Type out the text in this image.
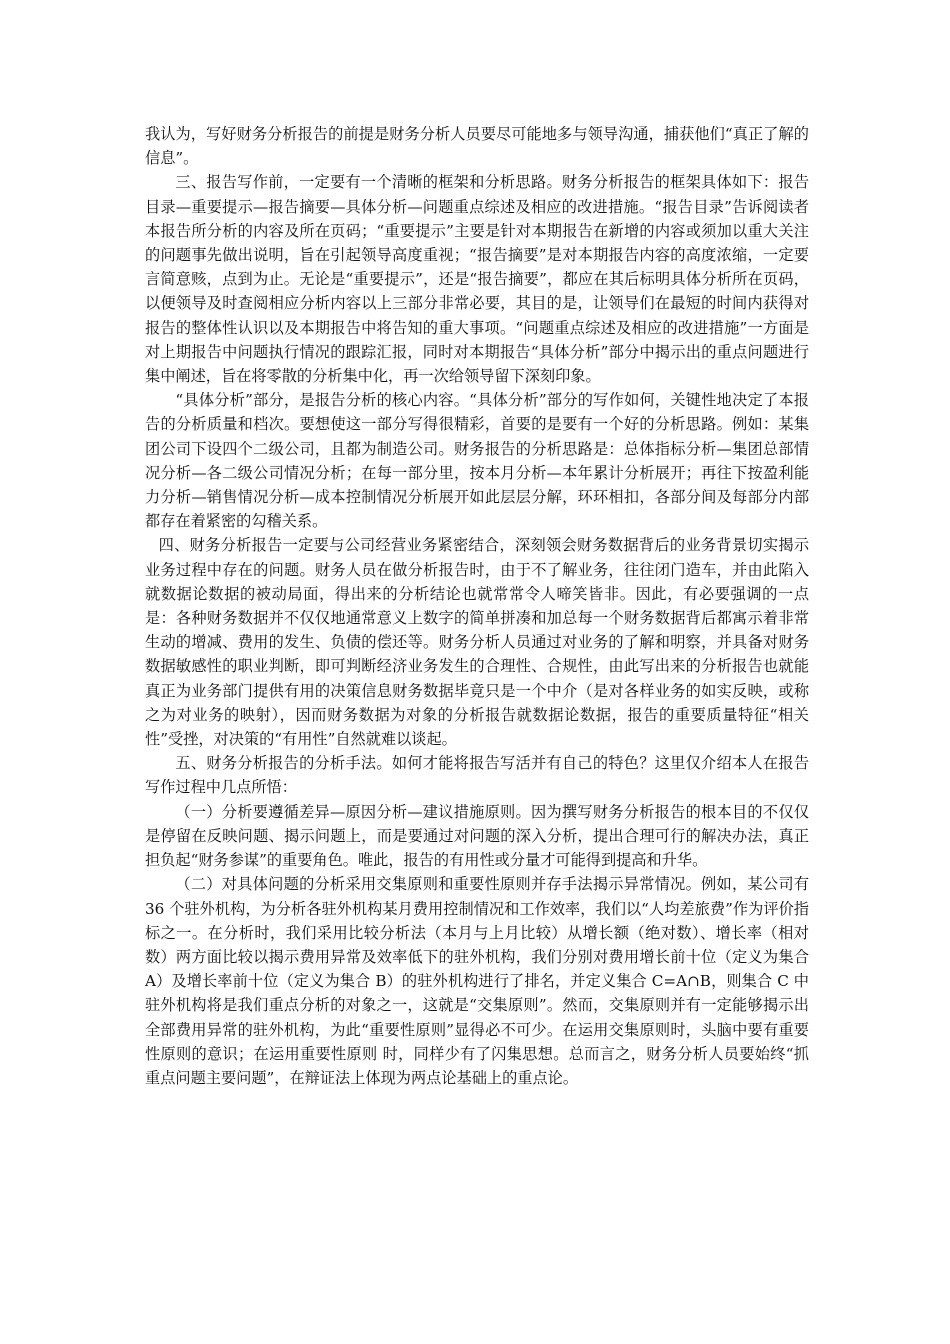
我认为，写好财务分析报告的前提是财务分析人员要尽可能地多与领导沟通，捕获他们“真正了解的信息”。

三、报告写作前，一定要有一个清晰的框架和分析思路。财务分析报告的框架具体如下：报告目录—重要提示—报告摘要—具体分析—问题重点综述及相应的改进措施。“报告目录”告诉阅读者本报告所分析的内容及所在页码；“重要提示”主要是针对本期报告在新增的内容或须加以重大关注的问题事先做出说明，旨在引起领导高度重视；“报告摘要”是对本期报告内容的高度浓缩，一定要言简意赅，点到为止。无论是“重要提示”，还是“报告摘要”，都应在其后标明具体分析所在页码，以便领导及时查阅相应分析内容以上三部分非常必要，其目的是，让领导们在最短的时间内获得对报告的整体性认识以及本期报告中将告知的重大事项。“问题重点综述及相应的改进措施”一方面是对上期报告中问题执行情况的跟踪汇报，同时对本期报告“具体分析”部分中揭示出的重点问题进行集中阐述，旨在将零散的分析集中化，再一次给领导留下深刻印象。

“具体分析”部分，是报告分析的核心内容。“具体分析”部分的写作如何，关键性地决定了本报告的分析质量和档次。要想使这一部分写得很精彩，首要的是要有一个好的分析思路。例如：某集团公司下设四个二级公司，且都为制造公司。财务报告的分析思路是：总体指标分析—集团总部情况分析—各二级公司情况分析；在每一部分里，按本月分析—本年累计分析展开；再往下按盈利能力分析—销售情况分析—成本控制情况分析展开如此层层分解，环环相扣，各部分间及每部分内部都存在着紧密的勾稽关系。

四、财务分析报告一定要与公司经营业务紧密结合，深刻领会财务数据背后的业务背景切实揭示业务过程中存在的问题。财务人员在做分析报告时，由于不了解业务，往往闭门造车，并由此陷入就数据论数据的被动局面，得出来的分析结论也就常常令人啼笑皆非。因此，有必要强调的一点是：各种财务数据并不仅仅地通常意义上数字的简单拼凑和加总每一个财务数据背后都寓示着非常生动的增减、费用的发生、负债的偿还等。财务分析人员通过对业务的了解和明察，并具备对财务数据敏感性的职业判断，即可判断经济业务发生的合理性、合规性，由此写出来的分析报告也就能真正为业务部门提供有用的决策信息财务数据毕竟只是一个中介（是对各样业务的如实反映，或称之为对业务的映射），因而财务数据为对象的分析报告就数据论数据，报告的重要质量特征“相关性”受挫，对决策的“有用性”自然就难以谈起。

五、财务分析报告的分析手法。如何才能将报告写活并有自己的特色？这里仅介绍本人在报告写作过程中几点所悟：

（一）分析要遵循差异—原因分析—建议措施原则。因为撰写财务分析报告的根本目的不仅仅是停留在反映问题、揭示问题上，而是要通过对问题的深入分析，提出合理可行的解决办法，真正担负起“财务参谋”的重要角色。唯此，报告的有用性或分量才可能得到提高和升华。

（二）对具体问题的分析采用交集原则和重要性原则并存手法揭示异常情况。例如，某公司有 36 个驻外机构，为分析各驻外机构某月费用控制情况和工作效率，我们以“人均差旅费”作为评价指标之一。在分析时，我们采用比较分析法（本月与上月比较）从增长额（绝对数）、增长率（相对数）两方面比较以揭示费用异常及效率低下的驻外机构，我们分别对费用增长前十位（定义为集合 A）及增长率前十位（定义为集合 B）的驻外机构进行了排名，并定义集合 C=A∩B，则集合 C 中驻外机构将是我们重点分析的对象之一，这就是“交集原则”。然而，交集原则并有一定能够揭示出全部费用异常的驻外机构，为此“重要性原则”显得必不可少。在运用交集原则时，头脑中要有重要性原则的意识；在运用重要性原则 时，同样少有了闪集思想。总而言之，财务分析人员要始终“抓重点问题主要问题”，在辩证法上体现为两点论基础上的重点论。
